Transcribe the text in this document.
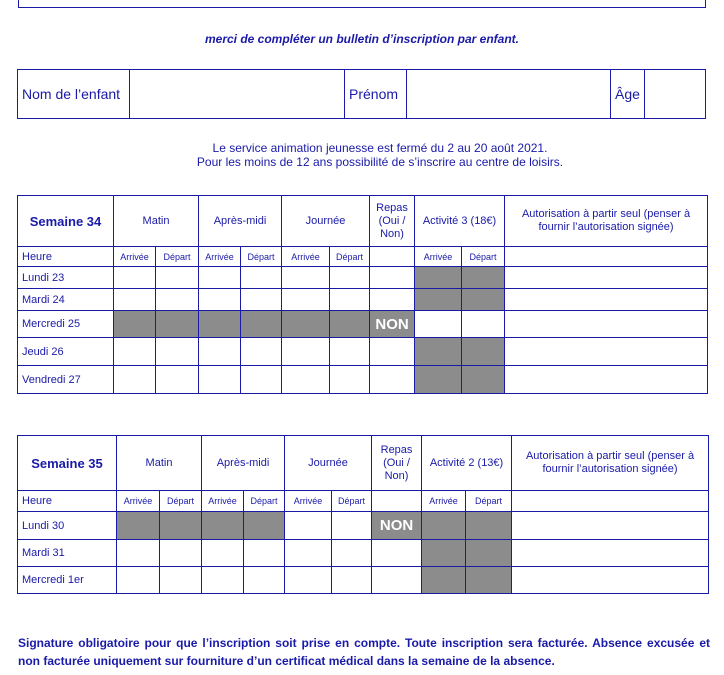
merci de compléter un bulletin d’inscription par enfant.
Nom de l’enfant		Prénom		Âge	
Le service animation jeunesse est fermé du 2 au 20 août 2021.
Pour les moins de 12 ans possibilité de s’inscrire au centre de loisirs.
Semaine 34	Matin		Après-midi		Journée		Repas (Oui / Non)	Activité 3 (18€)		Autorisation à partir seul (penser à fournir l’autorisation signée)
Heure	Arrivée	Départ	Arrivée	Départ	Arrivée	Départ		Arrivée	Départ	
Lundi 23										
Mardi 24										
Mercredi 25							NON			
Jeudi 26										
Vendredi 27										
Semaine 35	Matin		Après-midi		Journée		Repas (Oui / Non)	Activité 2 (13€)		Autorisation à partir seul (penser à fournir l’autorisation signée)
Heure	Arrivée	Départ	Arrivée	Départ	Arrivée	Départ		Arrivée	Départ	
Lundi 30							NON			
Mardi 31										
Mercredi 1er										
Signature obligatoire pour que l’inscription soit prise en compte. Toute inscription sera facturée. Absence excusée et non facturée uniquement sur fourniture d’un certificat médical dans la semaine de la absence.
